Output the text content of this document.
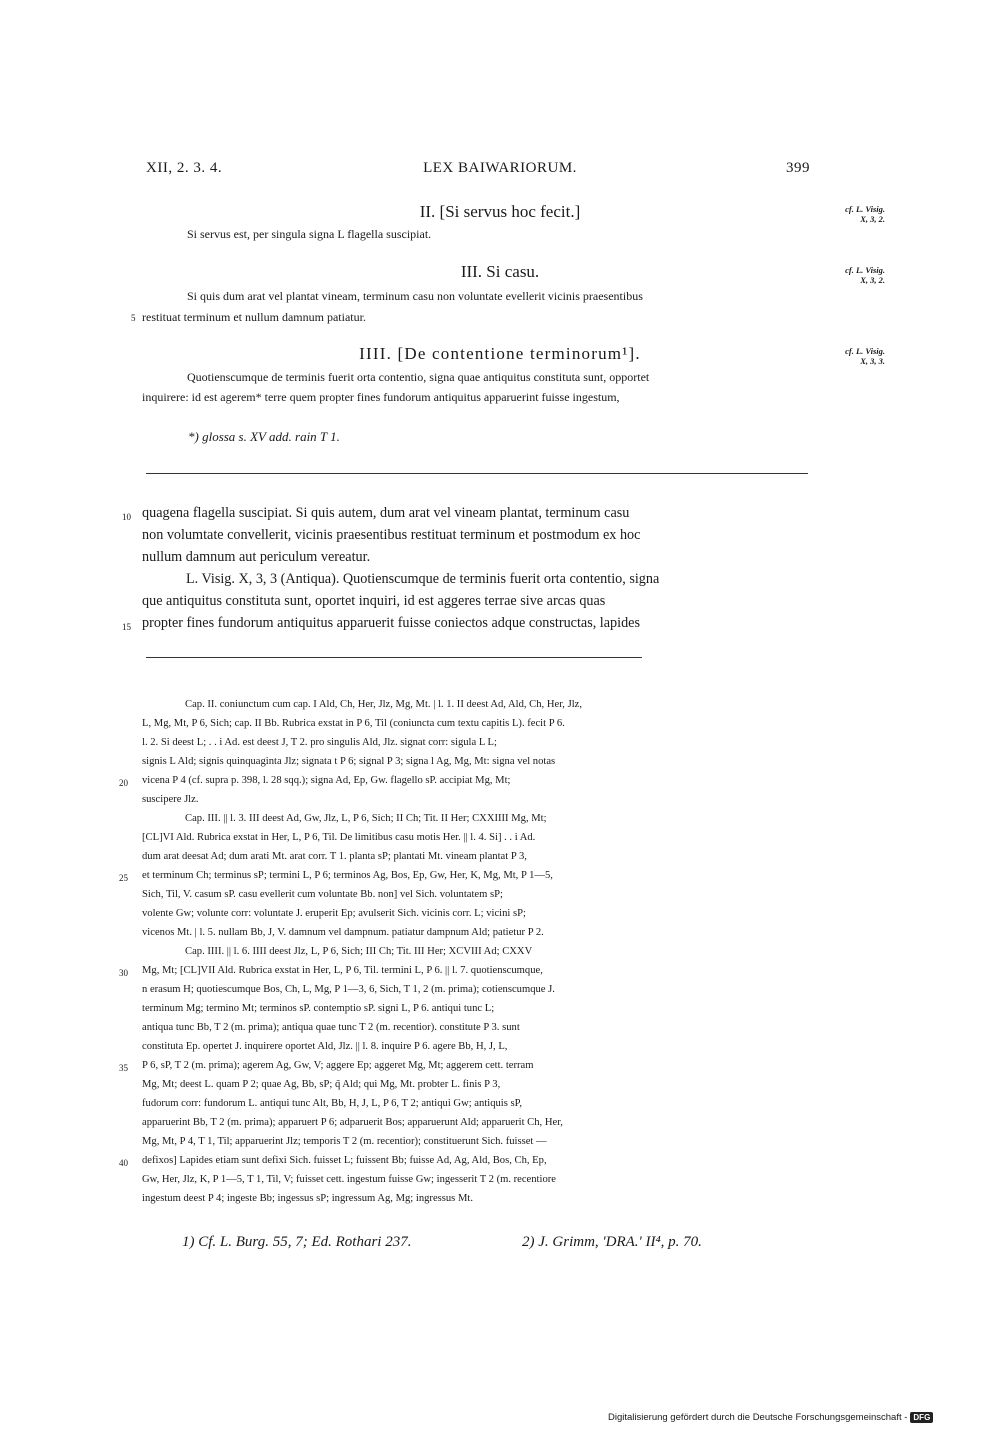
XII, 2. 3. 4.	LEX BAIWARIORUM.	399
II. [Si servus hoc fecit.]	cf. L. Visig.
X, 3, 2.
Si servus est, per singula signa L flagella suscipiat.
III. Si casu.	cf. L. Visig.
X, 3, 2.
Si quis dum arat vel plantat vineam, terminum casu non voluntate evellerit vicinis praesentibus
5 restituat terminum et nullum damnum patiatur.
IIII. [De contentione terminorum¹].	cf. L. Visig.
X, 3, 3.
Quotienscumque de terminis fuerit orta contentio, signa quae antiquitus constituta sunt, opportet
inquirere: id est agerem* terre quem propter fines fundorum antiquitus apparuerint fuisse ingestum,
*) glossa s. XV add. rain T 1.
10 quagena flagella suscipiat. Si quis autem, dum arat vel vineam plantat, terminum casu
non volumtate convellerit, vicinis praesentibus restituat terminum et postmodum ex hoc
nullum damnum aut periculum vereatur.
L. Visig. X, 3, 3 (Antiqua). Quotienscumque de terminis fuerit orta contentio, signa
que antiquitus constituta sunt, oportet inquiri, id est aggeres terrae sive arcas quas
15 propter fines fundorum antiquitus apparuerit fuisse coniectos adque constructas, lapides
Cap. II. coniunctum cum cap. I Ald, Ch, Her, Jlz, Mg, Mt. | l. 1. II deest Ad, Ald, Ch, Her, Jlz,
L, Mg, Mt, P 6, Sich; cap. II Bb. Rubrica exstat in P 6, Til (coniuncta cum textu capitis L). fecit P 6.
l. 2. Si deest L; . . i Ad. est deest J, T 2. pro singulis Ald, Jlz. signat corr: sigula L L;
signis L Ald; signis quinquaginta Jlz; signata t P 6; signal P 3; signa l Ag, Mg, Mt: signa vel notas
20 vicena P 4 (cf. supra p. 398, l. 28 sqq.); signa Ad, Ep, Gw. flagello sP. accipiat Mg, Mt;
suscipere Jlz.
Cap. III. || l. 3. III deest Ad, Gw, Jlz, L, P 6, Sich; II Ch; Tit. II Her; CXXIIII Mg, Mt;
[CL]VI Ald. Rubrica exstat in Her, L, P 6, Til. De limitibus casu motis Her. || l. 4. Si] . . i Ad.
dum arat deesat Ad; dum arati Mt. arat corr. T 1. planta sP; plantati Mt. vineam plantat P 3,
25 et terminum Ch; terminus sP; termini L, P 6; terminos Ag, Bos, Ep, Gw, Her, K, Mg, Mt, P 1—5,
Sich, Til, V. casum sP. casu evellerit cum voluntate Bb. non] vel Sich. voluntatem sP;
volente Gw; volunte corr: voluntate J. eruperit Ep; avulserit Sich. vicinis corr. L; vicini sP;
vicenos Mt. | l. 5. nullam Bb, J, V. damnum vel dampnum. patiatur dampnum Ald; patietur P 2.
Cap. IIII. || l. 6. IIII deest Jlz, L, P 6, Sich; III Ch; Tit. III Her; XCVIII Ad; CXXV
30 Mg, Mt; [CL]VII Ald. Rubrica exstat in Her, L, P 6, Til. termini L, P 6. || l. 7. quotienscumque,
n erasum H; quotiescumque Bos, Ch, L, Mg, P 1—3, 6, Sich, T 1, 2 (m. prima); cotienscumque J.
terminum Mg; termino Mt; terminos sP. contemptio sP. signi L, P 6. antiqui tunc L;
antiqua tunc Bb, T 2 (m. prima); antiqua quae tunc T 2 (m. recentior). constitute P 3. sunt
constituta Ep. opertet J. inquirere oportet Ald, Jlz. || l. 8. inquire P 6. agere Bb, H, J, L,
35 P 6, sP, T 2 (m. prima); agerem Ag, Gw, V; aggere Ep; aggeret Mg, Mt; aggerem cett. terram
Mg, Mt; deest L. quam P 2; quae Ag, Bb, sP; q̃ Ald; qui Mg, Mt. probter L. finis P 3,
fudorum corr: fundorum L. antiqui tunc Alt, Bb, H, J, L, P 6, T 2; antiqui Gw; antiquis sP,
apparuerint Bb, T 2 (m. prima); apparuert P 6; adparuerit Bos; apparuerunt Ald; apparuerit Ch, Her,
Mg, Mt, P 4, T 1, Til; apparuerint Jlz; temporis T 2 (m. recentior); constituerunt Sich. fuisset —
40 defixos] Lapides etiam sunt defixi Sich. fuisset L; fuissent Bb; fuisse Ad, Ag, Ald, Bos, Ch, Ep,
Gw, Her, Jlz, K, P 1—5, T 1, Til, V; fuisset cett. ingestum fuisse Gw; ingesserit T 2 (m. recentiore
ingestum deest P 4; ingeste Bb; ingessus sP; ingressum Ag, Mg; ingressus Mt.
1) Cf. L. Burg. 55, 7; Ed. Rothari 237.	2) J. Grimm, 'DRA.' II⁴, p. 70.
Digitalisierung gefördert durch die Deutsche Forschungsgemeinschaft - DFG
